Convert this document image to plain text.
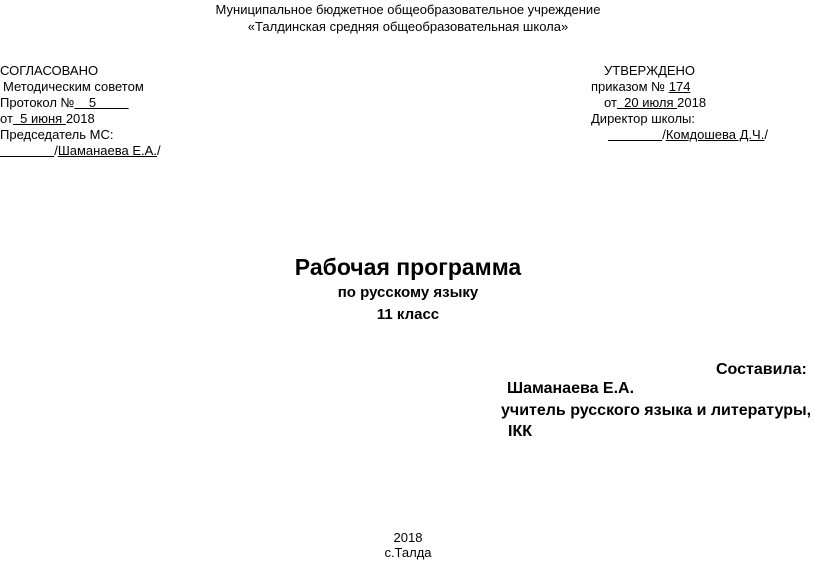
Муниципальное бюджетное общеобразовательное учреждение
«Талдинская средняя общеобразовательная школа»
СОГЛАСОВАНО
Методическим советом
Протокол №    5
от  5 июня 2018
Председатель МС:
/Шаманаева Е.А./
УТВЕРЖДЕНО
приказом № 174
от  20 июля 2018
Директор школы:
/Комдошева Д.Ч./
Рабочая программа
по русскому языку
11 класс
Составила:
Шаманаева Е.А.
учитель русского языка и литературы,
IКК
2018
с.Талда
